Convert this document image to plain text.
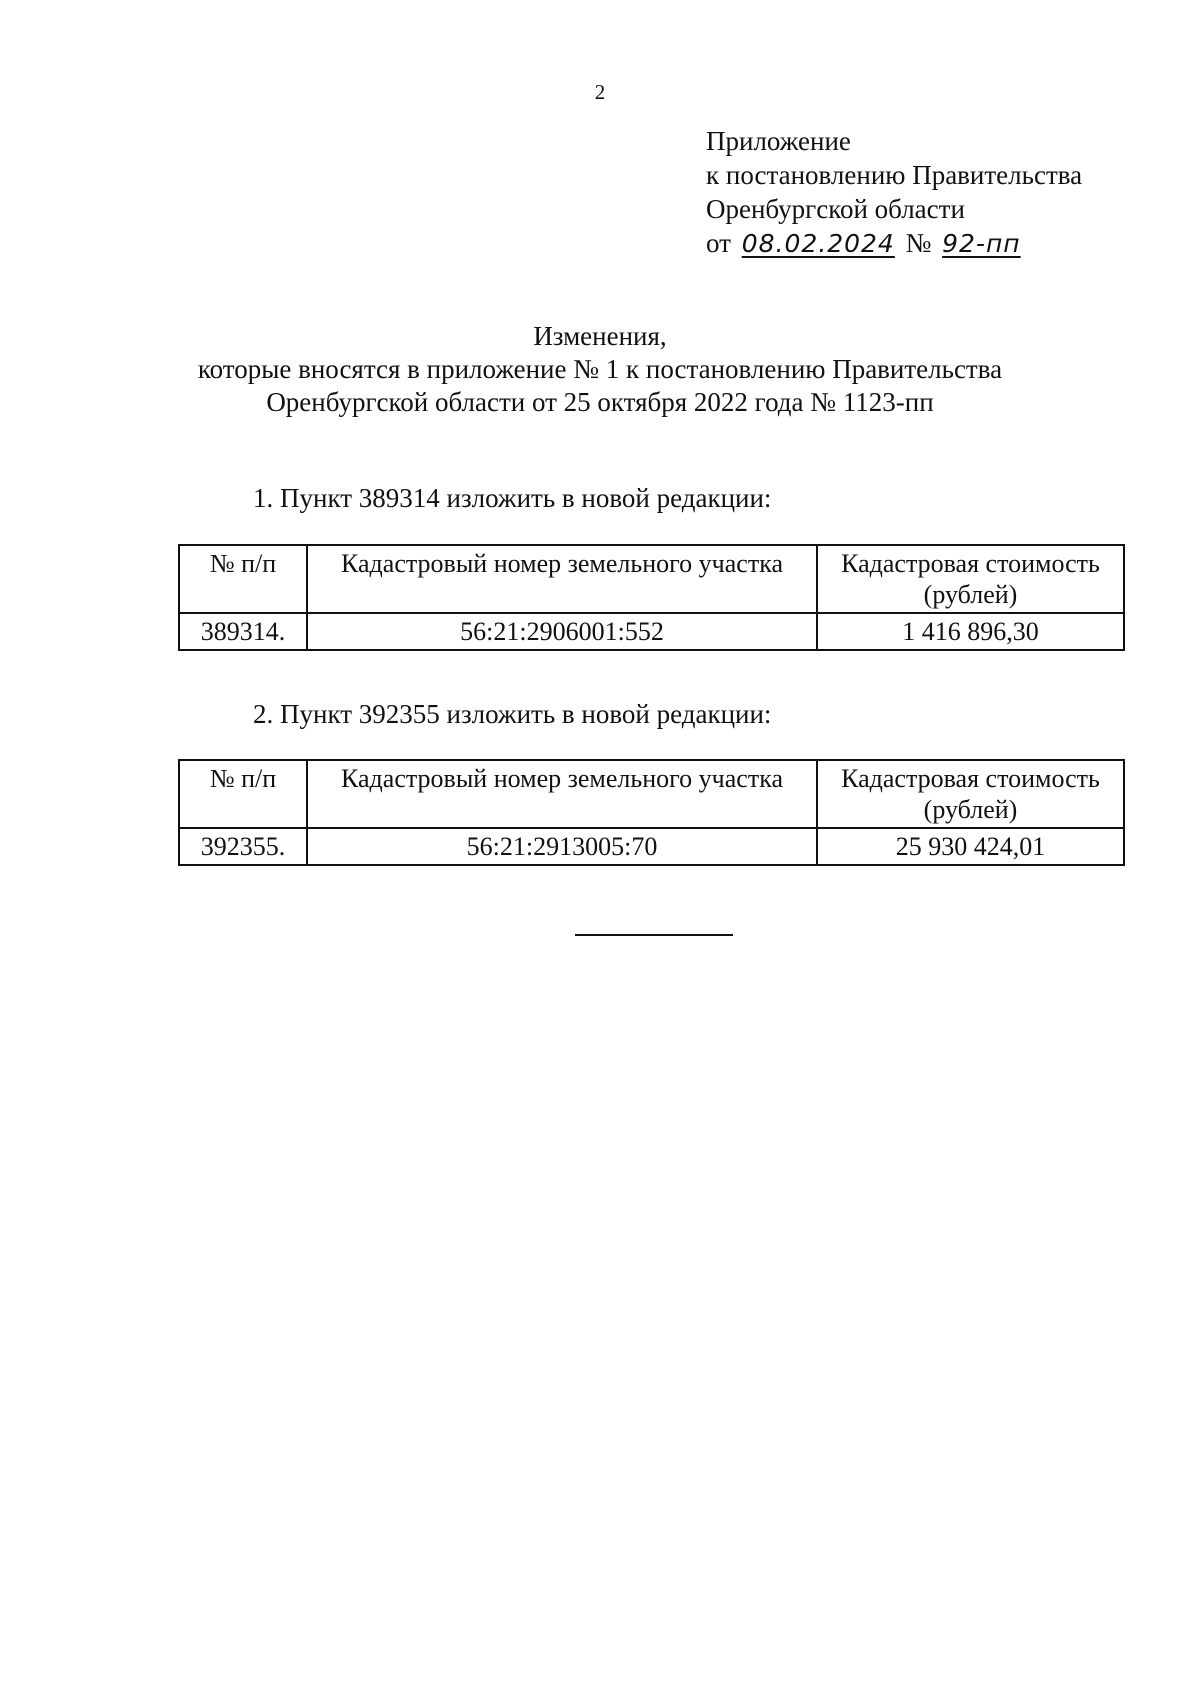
2
Приложение
к постановлению Правительства
Оренбургской области
от 08.02.2024 № 92-пп
Изменения,
которые вносятся в приложение № 1 к постановлению Правительства
Оренбургской области от 25 октября 2022 года № 1123-пп
1. Пункт 389314 изложить в новой редакции:
№ п/п	Кадастровый номер земельного участка	Кадастровая стоимость (рублей)
389314.	56:21:2906001:552	1 416 896,30
2. Пункт 392355 изложить в новой редакции:
№ п/п	Кадастровый номер земельного участка	Кадастровая стоимость (рублей)
392355.	56:21:2913005:70	25 930 424,01
